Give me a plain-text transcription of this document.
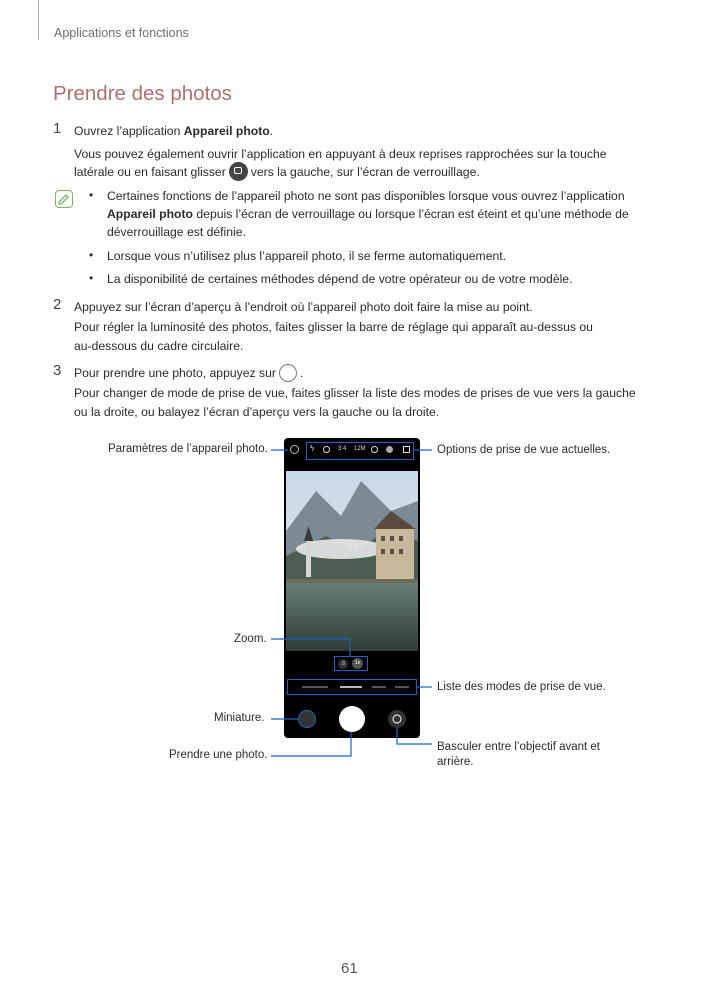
Applications et fonctions
Prendre des photos
1 Ouvrez l’application Appareil photo.
Vous pouvez également ouvrir l’application en appuyant à deux reprises rapprochées sur la touche
latérale ou en faisant glisser vers la gauche, sur l’écran de verrouillage.
• Certaines fonctions de l’appareil photo ne sont pas disponibles lorsque vous ouvrez l’application
Appareil photo depuis l’écran de verrouillage ou lorsque l’écran est éteint et qu’une méthode de
déverrouillage est définie.
• Lorsque vous n’utilisez plus l’appareil photo, il se ferme automatiquement.
• La disponibilité de certaines méthodes dépend de votre opérateur ou de votre modèle.
2 Appuyez sur l’écran d’aperçu à l’endroit où l’appareil photo doit faire la mise au point.
Pour régler la luminosité des photos, faites glisser la barre de réglage qui apparaît au-dessus ou
au-dessous du cadre circulaire.
3 Pour prendre une photo, appuyez sur .
Pour changer de mode de prise de vue, faites glisser la liste des modes de prises de vue vers la gauche
ou la droite, ou balayez l’écran d’aperçu vers la gauche ou la droite.
ϟ	3:4 12M
.6	1x
Paramètres de l’appareil photo.	Options de prise de vue actuelles.
Zoom.
Liste des modes de prise de vue.
Miniature.
Prendre une photo.
Basculer entre l’objectif avant et
arrière.
61
